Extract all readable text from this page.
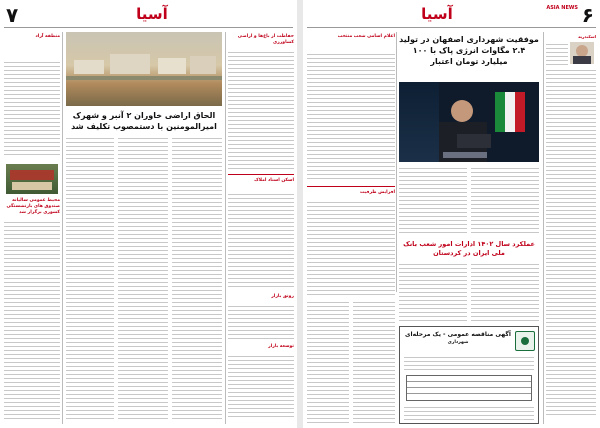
۷	آسیا
منطقه آزاد
محیط عمومی سالیانه صندوق های بازنشستگی کشوری برگزار شد
الحاق اراضی خاوران ۲ آنبر و شهرک امیرالمومنین با دستمصوب تکلیف شد
حفاظت از باغ‌ها و اراضی کشاورزی
اسکن اسناد املاک
رونق بازار
توسعه بازار
۶
ASIA NEWS
آسیا
اسکندریه
موفقیت شهرداری اصفهان در تولید ۲.۴ مگاوات انرژی پاک با ۱۰۰ میلیارد تومان اعتبار
اعلام اسامی شعب منتخب
افزایش ظرفیت
عملکرد سال ۱۴۰۲ ادارات امور شعب بانک ملی ایران در کردستان
آگهی مناقصه عمومی - یک مرحله‌ای
شهرداری
